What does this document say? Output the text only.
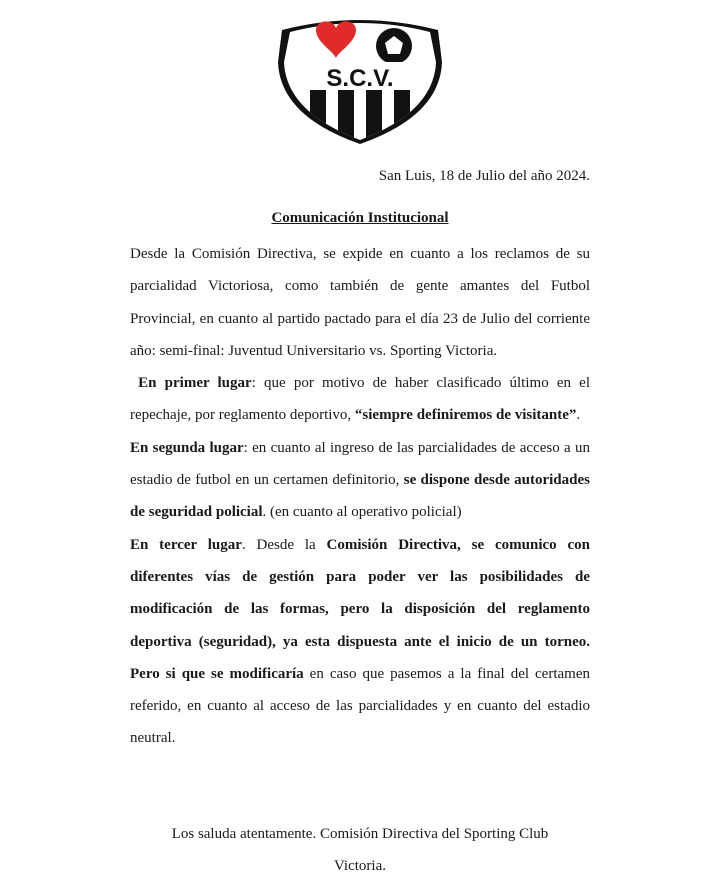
S.C.V.
San Luis, 18 de Julio del año 2024.
Comunicación Institucional

Desde la Comisión Directiva, se expide en cuanto a los reclamos de su parcialidad Victoriosa, como también de gente amantes del Futbol Provincial, en cuanto al partido pactado para el día 23 de Julio del corriente año: semi-final: Juventud Universitario vs. Sporting Victoria.

En primer lugar: que por motivo de haber clasificado último en el repechaje, por reglamento deportivo, “siempre definiremos de visitante”.

En segunda lugar: en cuanto al ingreso de las parcialidades de acceso a un estadio de futbol en un certamen definitorio, se dispone desde autoridades de seguridad policial. (en cuanto al operativo policial)

En tercer lugar. Desde la Comisión Directiva, se comunico con diferentes vías de gestión para poder ver las posibilidades de modificación de las formas, pero la disposición del reglamento deportiva (seguridad), ya esta dispuesta ante el inicio de un torneo. Pero si que se modificaría en caso que pasemos a la final del certamen referido, en cuanto al acceso de las parcialidades y en cuanto del estadio neutral.

Los saluda atentamente. Comisión Directiva del Sporting Club

Victoria.
